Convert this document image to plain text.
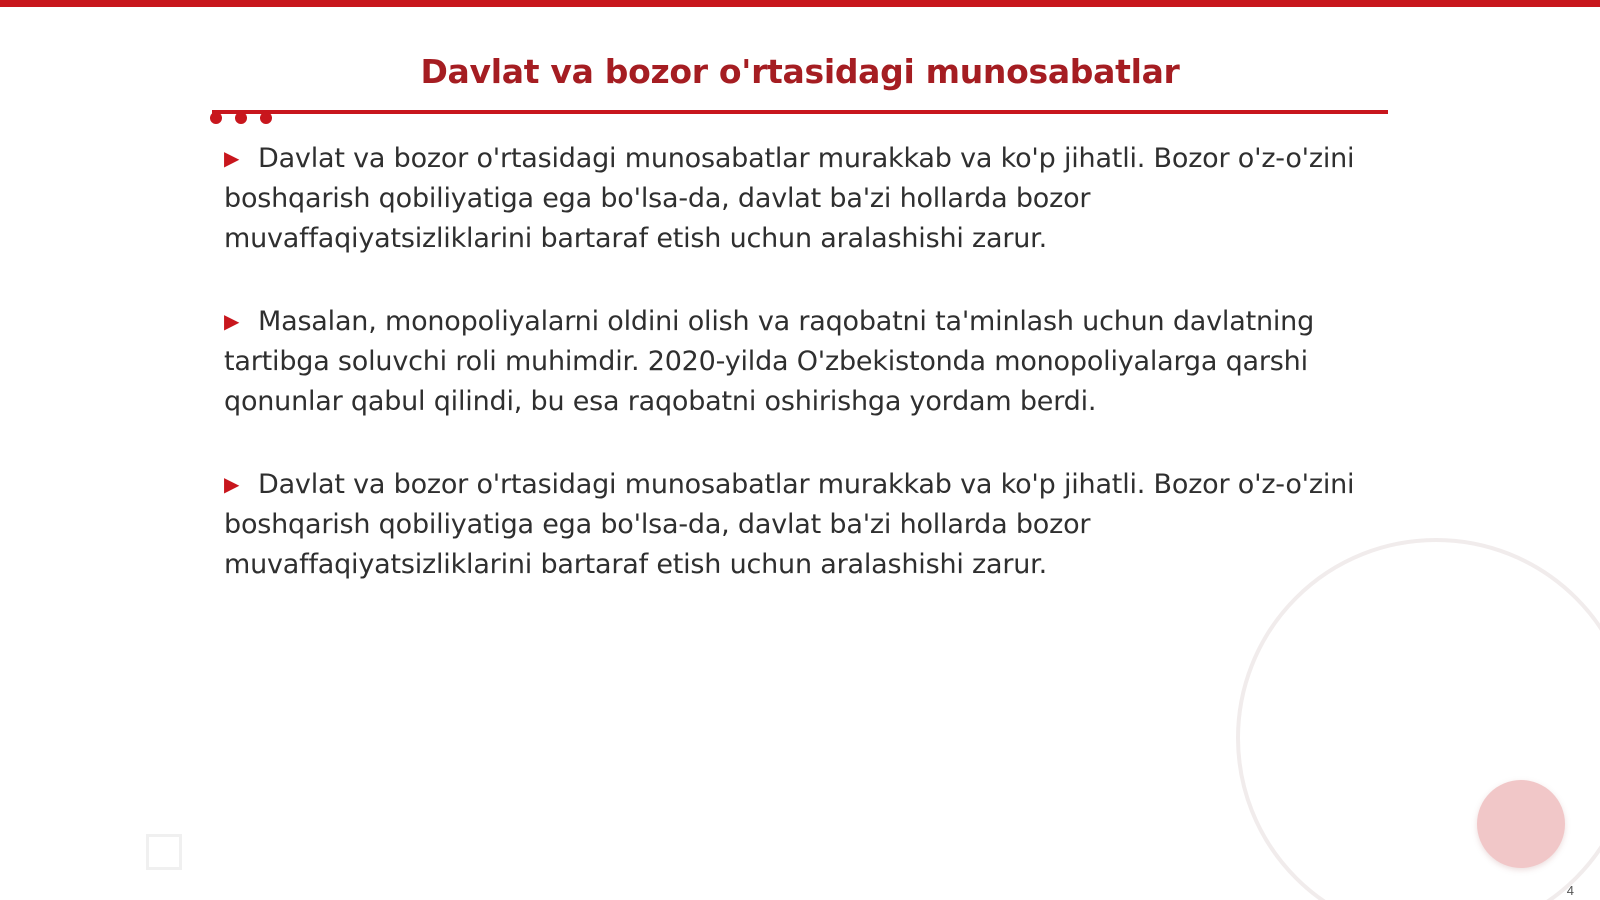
Davlat va bozor o'rtasidagi munosabatlar

▶ Davlat va bozor o'rtasidagi munosabatlar murakkab va ko'p jihatli. Bozor o'z-o'zini boshqarish qobiliyatiga ega bo'lsa-da, davlat ba'zi hollarda bozor muvaffaqiyatsizliklarini bartaraf etish uchun aralashishi zarur.

▶ Masalan, monopoliyalarni oldini olish va raqobatni ta'minlash uchun davlatning tartibga soluvchi roli muhimdir. 2020-yilda O'zbekistonda monopoliyalarga qarshi qonunlar qabul qilindi, bu esa raqobatni oshirishga yordam berdi.

▶ Davlat va bozor o'rtasidagi munosabatlar murakkab va ko'p jihatli. Bozor o'z-o'zini boshqarish qobiliyatiga ega bo'lsa-da, davlat ba'zi hollarda bozor muvaffaqiyatsizliklarini bartaraf etish uchun aralashishi zarur.

4
